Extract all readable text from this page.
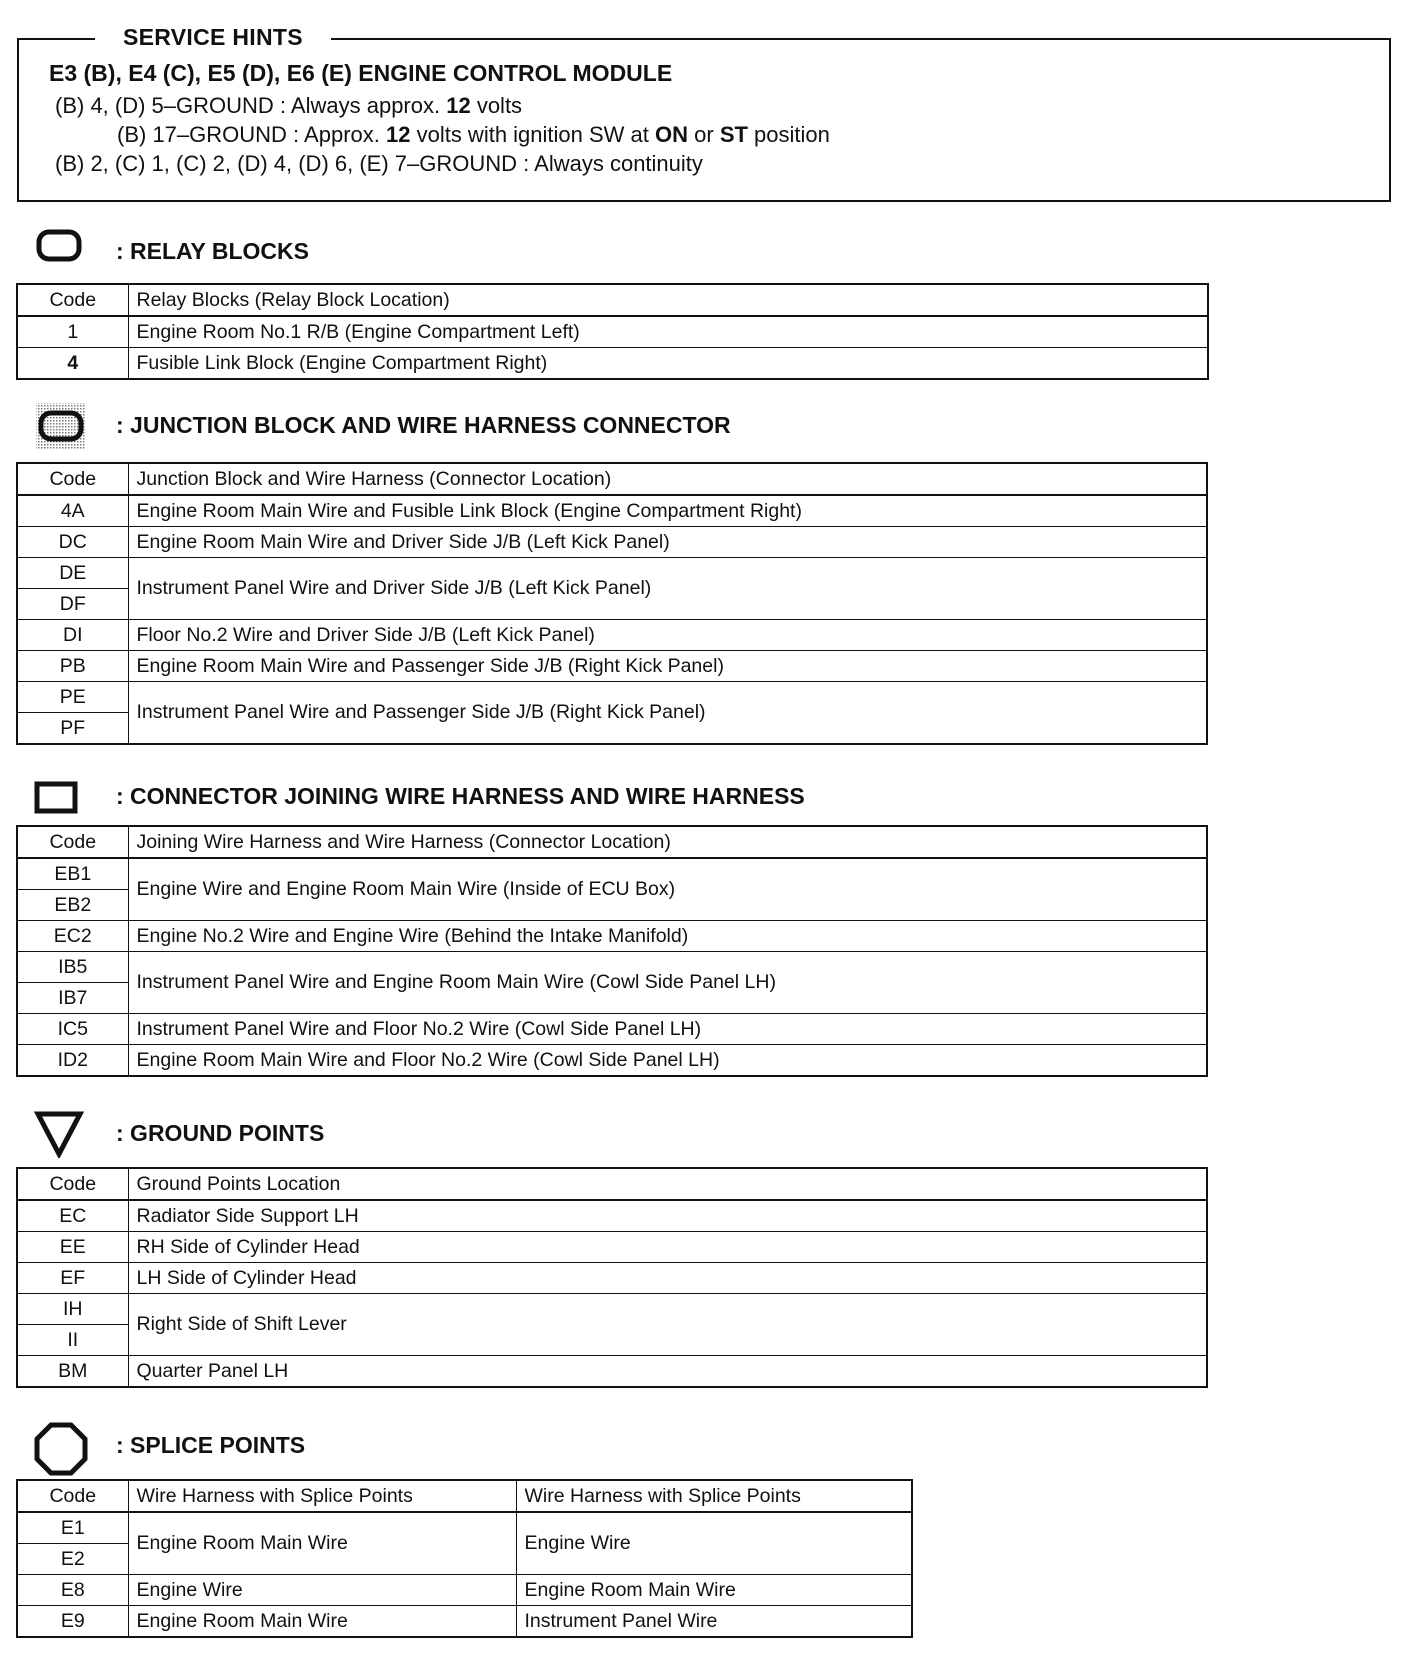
SERVICE HINTS
E3 (B), E4 (C), E5 (D), E6 (E) ENGINE CONTROL MODULE
(B) 4, (D) 5–GROUND : Always approx. 12 volts
(B) 17–GROUND : Approx. 12 volts with ignition SW at ON or ST position
(B) 2, (C) 1, (C) 2, (D) 4, (D) 6, (E) 7–GROUND : Always continuity
: RELAY BLOCKS
Code	Relay Blocks (Relay Block Location)
1	Engine Room No.1 R/B (Engine Compartment Left)
4	Fusible Link Block (Engine Compartment Right)
: JUNCTION BLOCK AND WIRE HARNESS CONNECTOR
Code	Junction Block and Wire Harness (Connector Location)
4A	Engine Room Main Wire and Fusible Link Block (Engine Compartment Right)
DC	Engine Room Main Wire and Driver Side J/B (Left Kick Panel)
DE	Instrument Panel Wire and Driver Side J/B (Left Kick Panel)
DF	
DI	Floor No.2 Wire and Driver Side J/B (Left Kick Panel)
PB	Engine Room Main Wire and Passenger Side J/B (Right Kick Panel)
PE	Instrument Panel Wire and Passenger Side J/B (Right Kick Panel)
PF	
: CONNECTOR JOINING WIRE HARNESS AND WIRE HARNESS
Code	Joining Wire Harness and Wire Harness (Connector Location)
EB1	Engine Wire and Engine Room Main Wire (Inside of ECU Box)
EB2	
EC2	Engine No.2 Wire and Engine Wire (Behind the Intake Manifold)
IB5	Instrument Panel Wire and Engine Room Main Wire (Cowl Side Panel LH)
IB7	
IC5	Instrument Panel Wire and Floor No.2 Wire (Cowl Side Panel LH)
ID2	Engine Room Main Wire and Floor No.2 Wire (Cowl Side Panel LH)
: GROUND POINTS
Code	Ground Points Location
EC	Radiator Side Support LH
EE	RH Side of Cylinder Head
EF	LH Side of Cylinder Head
IH	Right Side of Shift Lever
II	
BM	Quarter Panel LH
: SPLICE POINTS
Code	Wire Harness with Splice Points	Wire Harness with Splice Points
E1	Engine Room Main Wire	Engine Wire
E2		
E8	Engine Wire	Engine Room Main Wire
E9	Engine Room Main Wire	Instrument Panel Wire
